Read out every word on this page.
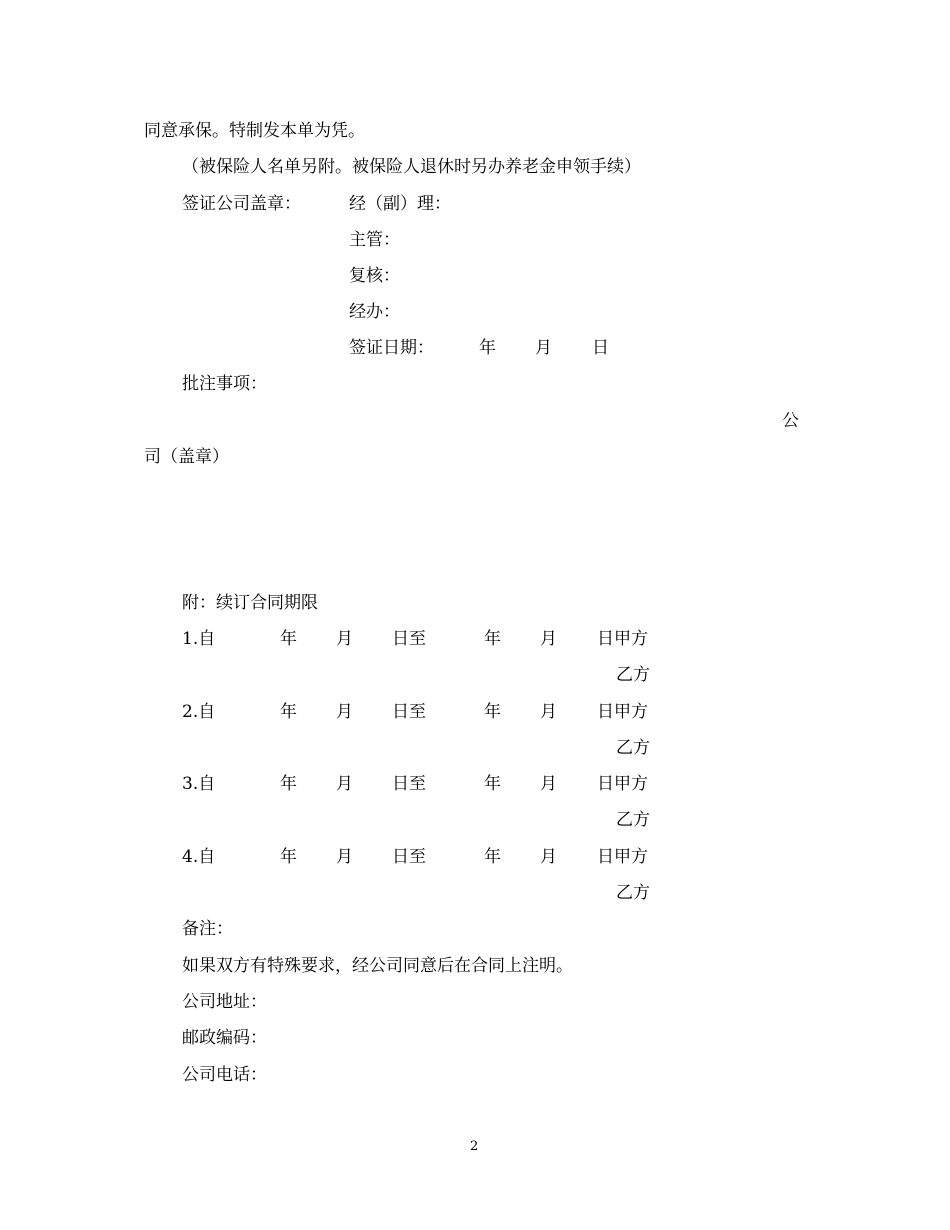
同意承保。特制发本单为凭。
（被保险人名单另附。被保险人退休时另办养老金申领手续）
签证公司盖章：	经（副）理：
主管：
复核：
经办：
签证日期：	年 月 日
批注事项：
公
司（盖章）
附：续订合同期限
1.自	年 月 日至	年 月 日甲方
乙方
2.自	年 月 日至	年 月 日甲方
乙方
3.自	年 月 日至	年 月 日甲方
乙方
4.自	年 月 日至	年 月 日甲方
乙方
备注：
如果双方有特殊要求，经公司同意后在合同上注明。
公司地址：
邮政编码：
公司电话：
2
